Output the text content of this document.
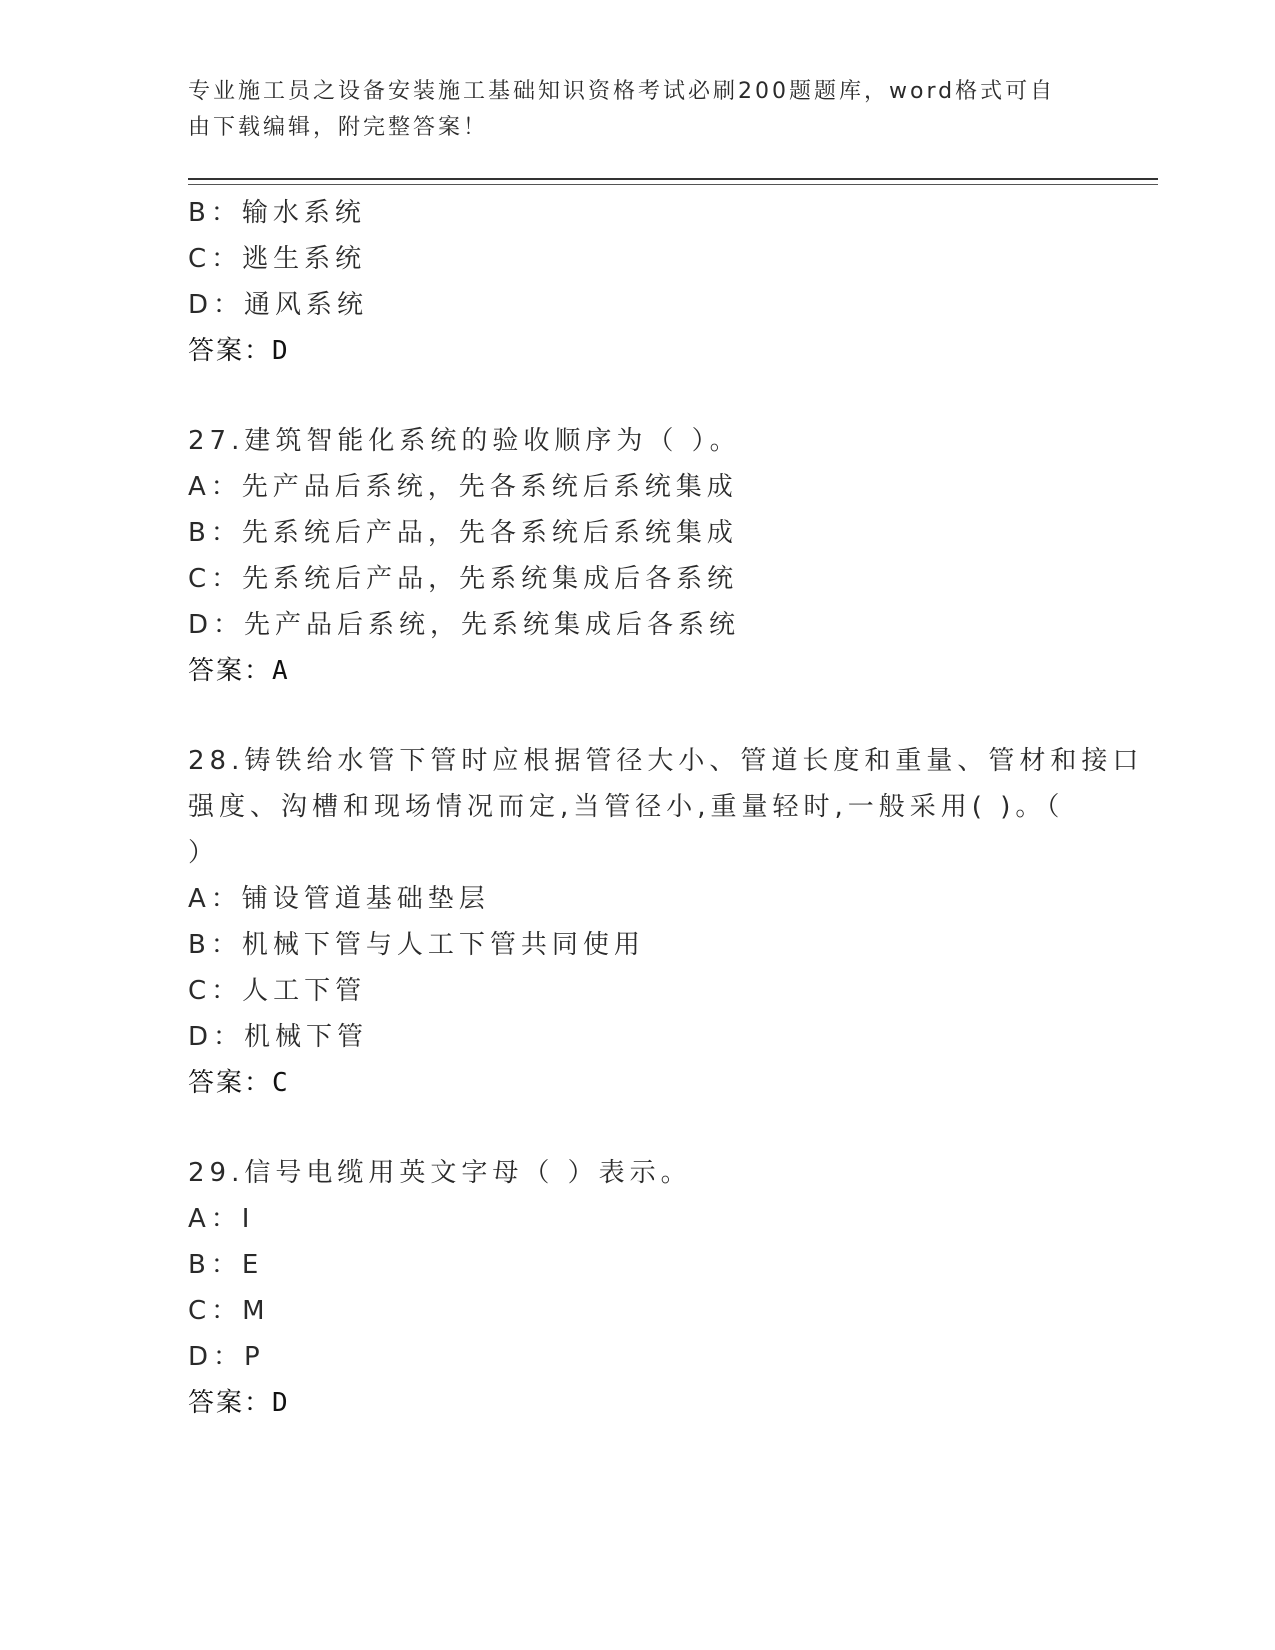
专业施工员之设备安装施工基础知识资格考试必刷200题题库，word格式可自由下载编辑，附完整答案！
B：输水系统
C：逃生系统
D：通风系统
答案：D
27.建筑智能化系统的验收顺序为（ ）。
A：先产品后系统，先各系统后系统集成
B：先系统后产品，先各系统后系统集成
C：先系统后产品，先系统集成后各系统
D：先产品后系统，先系统集成后各系统
答案：A
28.铸铁给水管下管时应根据管径大小、管道长度和重量、管材和接口
强度、沟槽和现场情况而定,当管径小,重量轻时,一般采用( )。（
）
A：铺设管道基础垫层
B：机械下管与人工下管共同使用
C：人工下管
D：机械下管
答案：C
29.信号电缆用英文字母（ ）表示。
A：I
B：E
C：M
D：P
答案：D
